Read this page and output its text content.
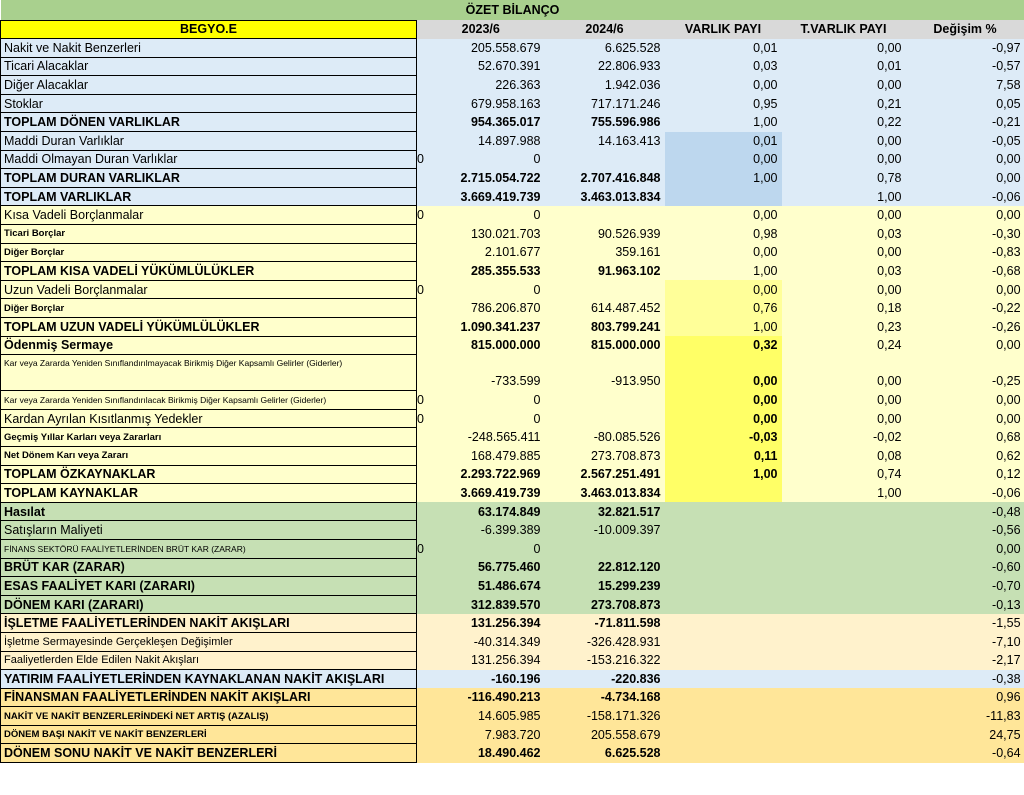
ÖZET BİLANÇO					
BEGYO.E	2023/6	2024/6	VARLIK PAYI	T.VARLIK PAYI	Değişim %
Nakit ve Nakit Benzerleri	205.558.679	6.625.528	0,01	0,00	-0,97
Ticari Alacaklar	52.670.391	22.806.933	0,03	0,01	-0,57
Diğer Alacaklar	226.363	1.942.036	0,00	0,00	7,58
Stoklar	679.958.163	717.171.246	0,95	0,21	0,05
TOPLAM DÖNEN VARLIKLAR	954.365.017	755.596.986	1,00	0,22	-0,21
Maddi Duran Varlıklar	14.897.988	14.163.413	0,01	0,00	-0,05
Maddi Olmayan Duran Varlıklar	0 0		0,00	0,00	0,00
TOPLAM DURAN VARLIKLAR	2.715.054.722	2.707.416.848	1,00	0,78	0,00
TOPLAM VARLIKLAR	3.669.419.739	3.463.013.834		1,00	-0,06
Kısa Vadeli Borçlanmalar	0 0		0,00	0,00	0,00
Ticari Borçlar	130.021.703	90.526.939	0,98	0,03	-0,30
Diğer Borçlar	2.101.677	359.161	0,00	0,00	-0,83
TOPLAM KISA VADELİ YÜKÜMLÜLÜKLER	285.355.533	91.963.102	1,00	0,03	-0,68
Uzun Vadeli Borçlanmalar	0 0		0,00	0,00	0,00
Diğer Borçlar	786.206.870	614.487.452	0,76	0,18	-0,22
TOPLAM UZUN VADELİ YÜKÜMLÜLÜKLER	1.090.341.237	803.799.241	1,00	0,23	-0,26
Ödenmiş Sermaye	815.000.000	815.000.000	0,32	0,24	0,00
Kar veya Zararda Yeniden Sınıflandırılmayacak Birikmiş Diğer Kapsamlı Gelirler (Giderler)	-733.599	-913.950	0,00	0,00	-0,25
Kar veya Zararda Yeniden Sınıflandırılacak Birikmiş Diğer Kapsamlı Gelirler (Giderler)	0 0		0,00	0,00	0,00
Kardan Ayrılan Kısıtlanmış Yedekler	0 0		0,00	0,00	0,00
Geçmiş Yıllar Karları veya Zararları	-248.565.411	-80.085.526	-0,03	-0,02	0,68
Net Dönem Karı veya Zararı	168.479.885	273.708.873	0,11	0,08	0,62
TOPLAM ÖZKAYNAKLAR	2.293.722.969	2.567.251.491	1,00	0,74	0,12
TOPLAM KAYNAKLAR	3.669.419.739	3.463.013.834		1,00	-0,06
Hasılat	63.174.849	32.821.517			-0,48
Satışların Maliyeti	-6.399.389	-10.009.397			-0,56
FİNANS SEKTÖRÜ FAALİYETLERİNDEN BRÜT KAR (ZARAR)	0 0				0,00
BRÜT KAR (ZARAR)	56.775.460	22.812.120			-0,60
ESAS FAALİYET KARI (ZARARI)	51.486.674	15.299.239			-0,70
DÖNEM KARI (ZARARI)	312.839.570	273.708.873			-0,13
İŞLETME FAALİYETLERİNDEN NAKİT AKIŞLARI	131.256.394	-71.811.598			-1,55
İşletme Sermayesinde Gerçekleşen Değişimler	-40.314.349	-326.428.931			-7,10
Faaliyetlerden Elde Edilen Nakit Akışları	131.256.394	-153.216.322			-2,17
YATIRIM FAALİYETLERİNDEN KAYNAKLANAN NAKİT AKIŞLARI	-160.196	-220.836			-0,38
FİNANSMAN FAALİYETLERİNDEN NAKİT AKIŞLARI	-116.490.213	-4.734.168			0,96
NAKİT VE NAKİT BENZERLERİNDEKİ NET ARTIŞ (AZALIŞ)	14.605.985	-158.171.326			-11,83
DÖNEM BAŞI NAKİT VE NAKİT BENZERLERİ	7.983.720	205.558.679			24,75
DÖNEM SONU NAKİT VE NAKİT BENZERLERİ	18.490.462	6.625.528			-0,64
